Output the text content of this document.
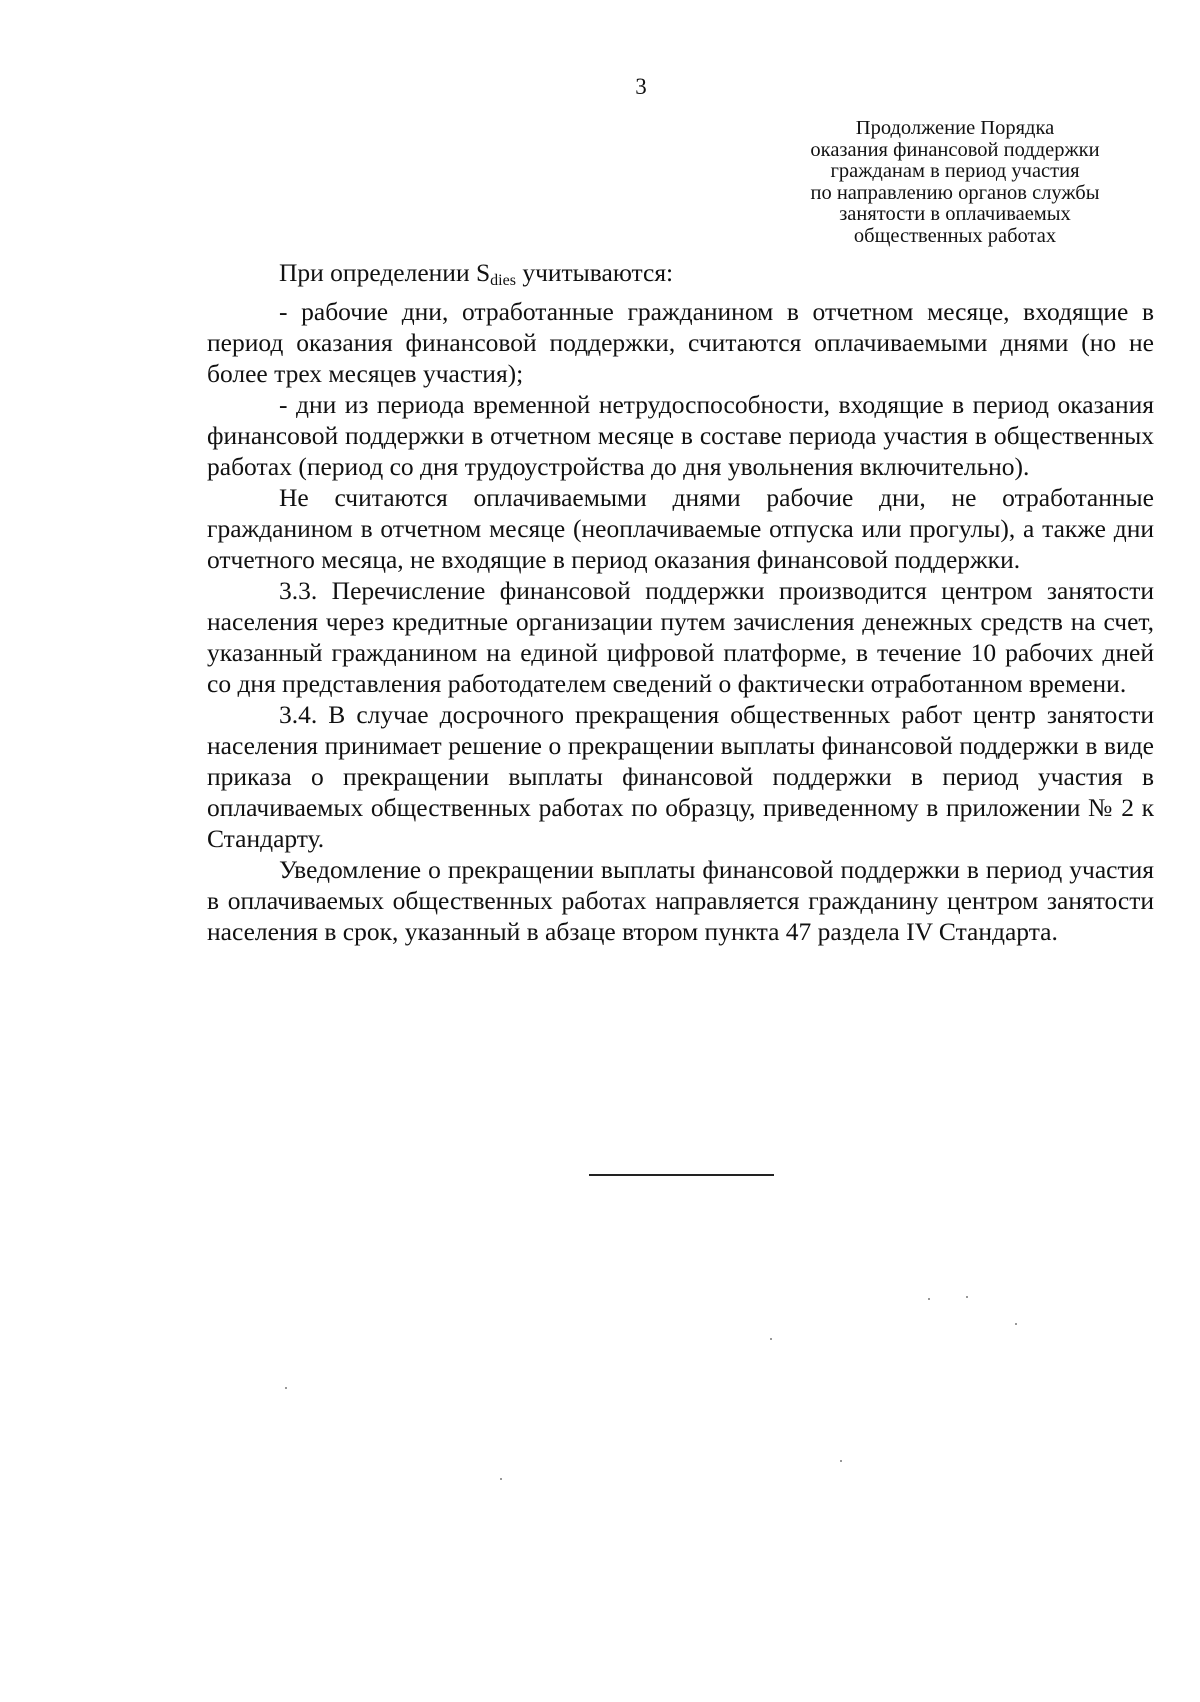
3
Продолжение Порядка
оказания финансовой поддержки
гражданам в период участия
по направлению органов службы
занятости в оплачиваемых
общественных работах

При определении $S_{dies}$ учитываются:

- рабочие дни, отработанные гражданином в отчетном месяце, входящие в период оказания финансовой поддержки, считаются оплачиваемыми днями (но не более трех месяцев участия);

- дни из периода временной нетрудоспособности, входящие в период оказания финансовой поддержки в отчетном месяце в составе периода участия в общественных работах (период со дня трудоустройства до дня увольнения включительно).

Не считаются оплачиваемыми днями рабочие дни, не отработанные гражданином в отчетном месяце (неоплачиваемые отпуска или прогулы), а также дни отчетного месяца, не входящие в период оказания финансовой поддержки.

3.3. Перечисление финансовой поддержки производится центром занятости населения через кредитные организации путем зачисления денежных средств на счет, указанный гражданином на единой цифровой платформе, в течение 10 рабочих дней со дня представления работодателем сведений о фактически отработанном времени.

3.4. В случае досрочного прекращения общественных работ центр занятости населения принимает решение о прекращении выплаты финансовой поддержки в виде приказа о прекращении выплаты финансовой поддержки в период участия в оплачиваемых общественных работах по образцу, приведенному в приложении № 2 к Стандарту.

Уведомление о прекращении выплаты финансовой поддержки в период участия в оплачиваемых общественных работах направляется гражданину центром занятости населения в срок, указанный в абзаце втором пункта 47 раздела IV Стандарта.
